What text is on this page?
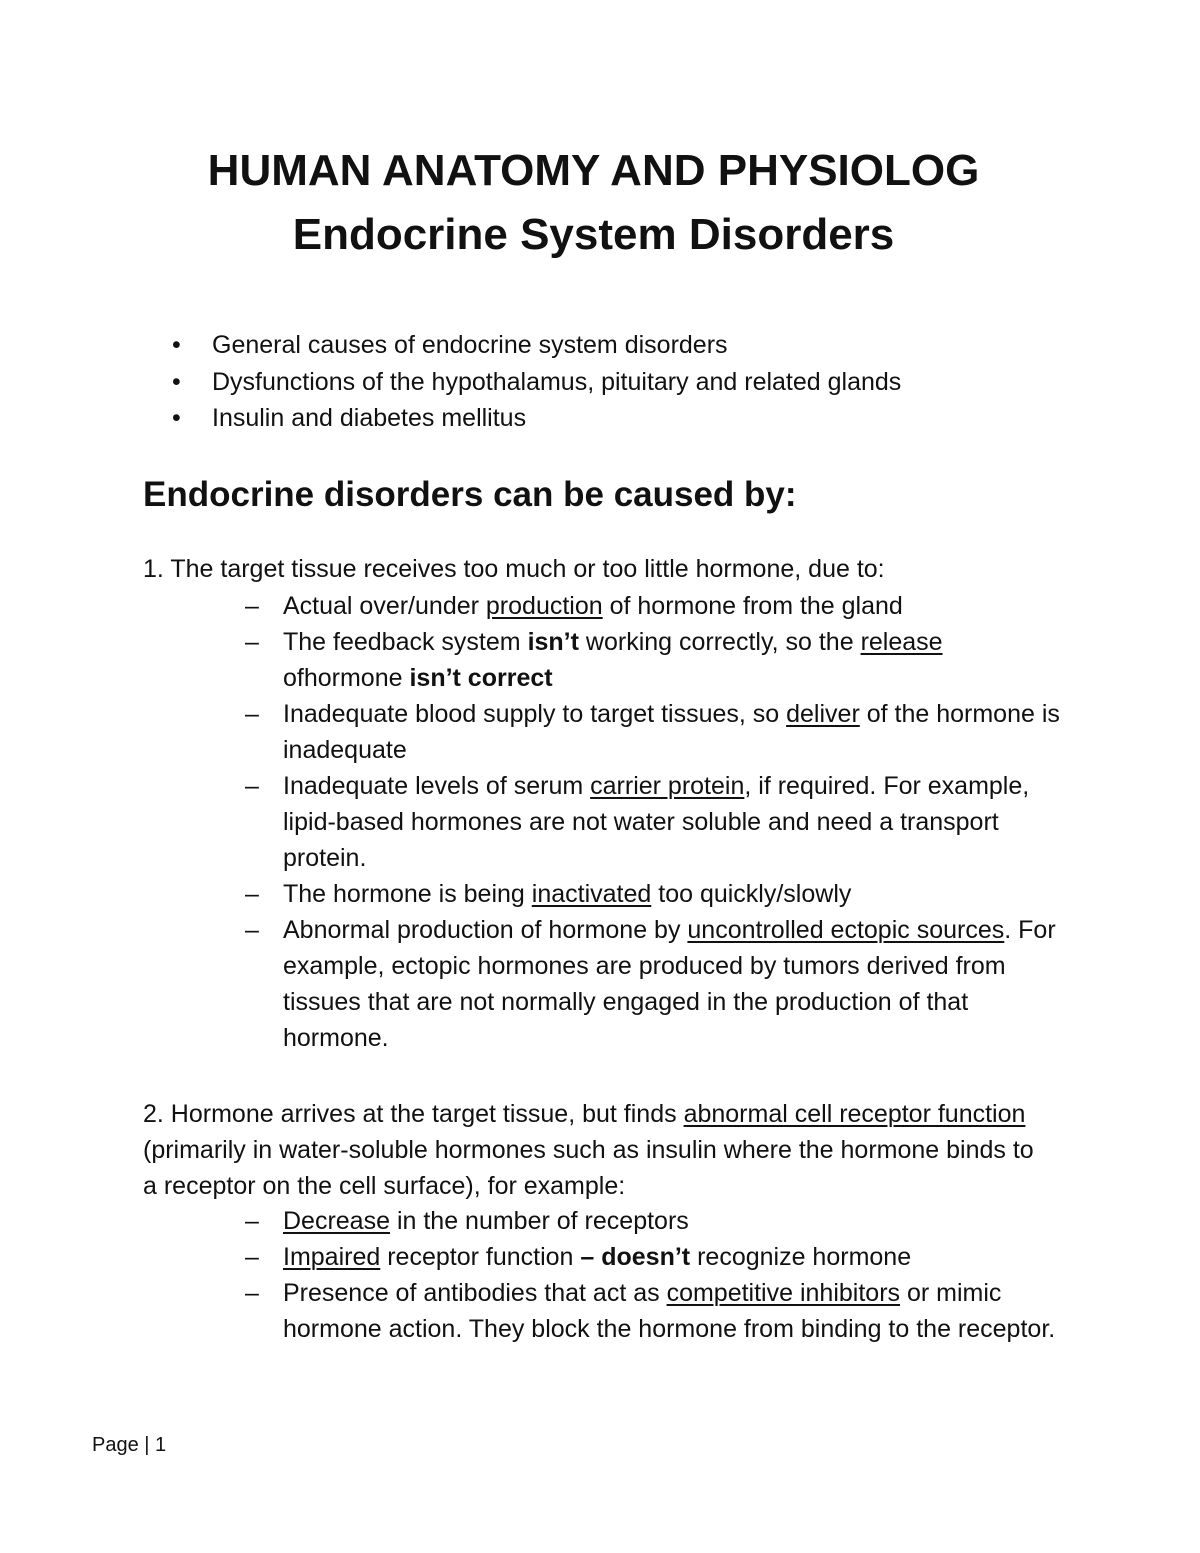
HUMAN ANATOMY AND PHYSIOLOG
Endocrine System Disorders
• General causes of endocrine system disorders
• Dysfunctions of the hypothalamus, pituitary and related glands
• Insulin and diabetes mellitus
Endocrine disorders can be caused by:

1. The target tissue receives too much or too little hormone, due to:

– Actual over/under production of hormone from the gland
– The feedback system isn’t working correctly, so the release
ofhormone isn’t correct
– Inadequate blood supply to target tissues, so deliver of the hormone is inadequate
– Inadequate levels of serum carrier protein, if required. For example, lipid-based hormones are not water soluble and need a transport protein.
– The hormone is being inactivated too quickly/slowly
– Abnormal production of hormone by uncontrolled ectopic sources. For example, ectopic hormones are produced by tumors derived from tissues that are not normally engaged in the production of that hormone.

2. Hormone arrives at the target tissue, but finds abnormal cell receptor function (primarily in water-soluble hormones such as insulin where the hormone binds to a receptor on the cell surface), for example:

– Decrease in the number of receptors
– Impaired receptor function – doesn’t recognize hormone
– Presence of antibodies that act as competitive inhibitors or mimic hormone action. They block the hormone from binding to the receptor.
Page | 1
